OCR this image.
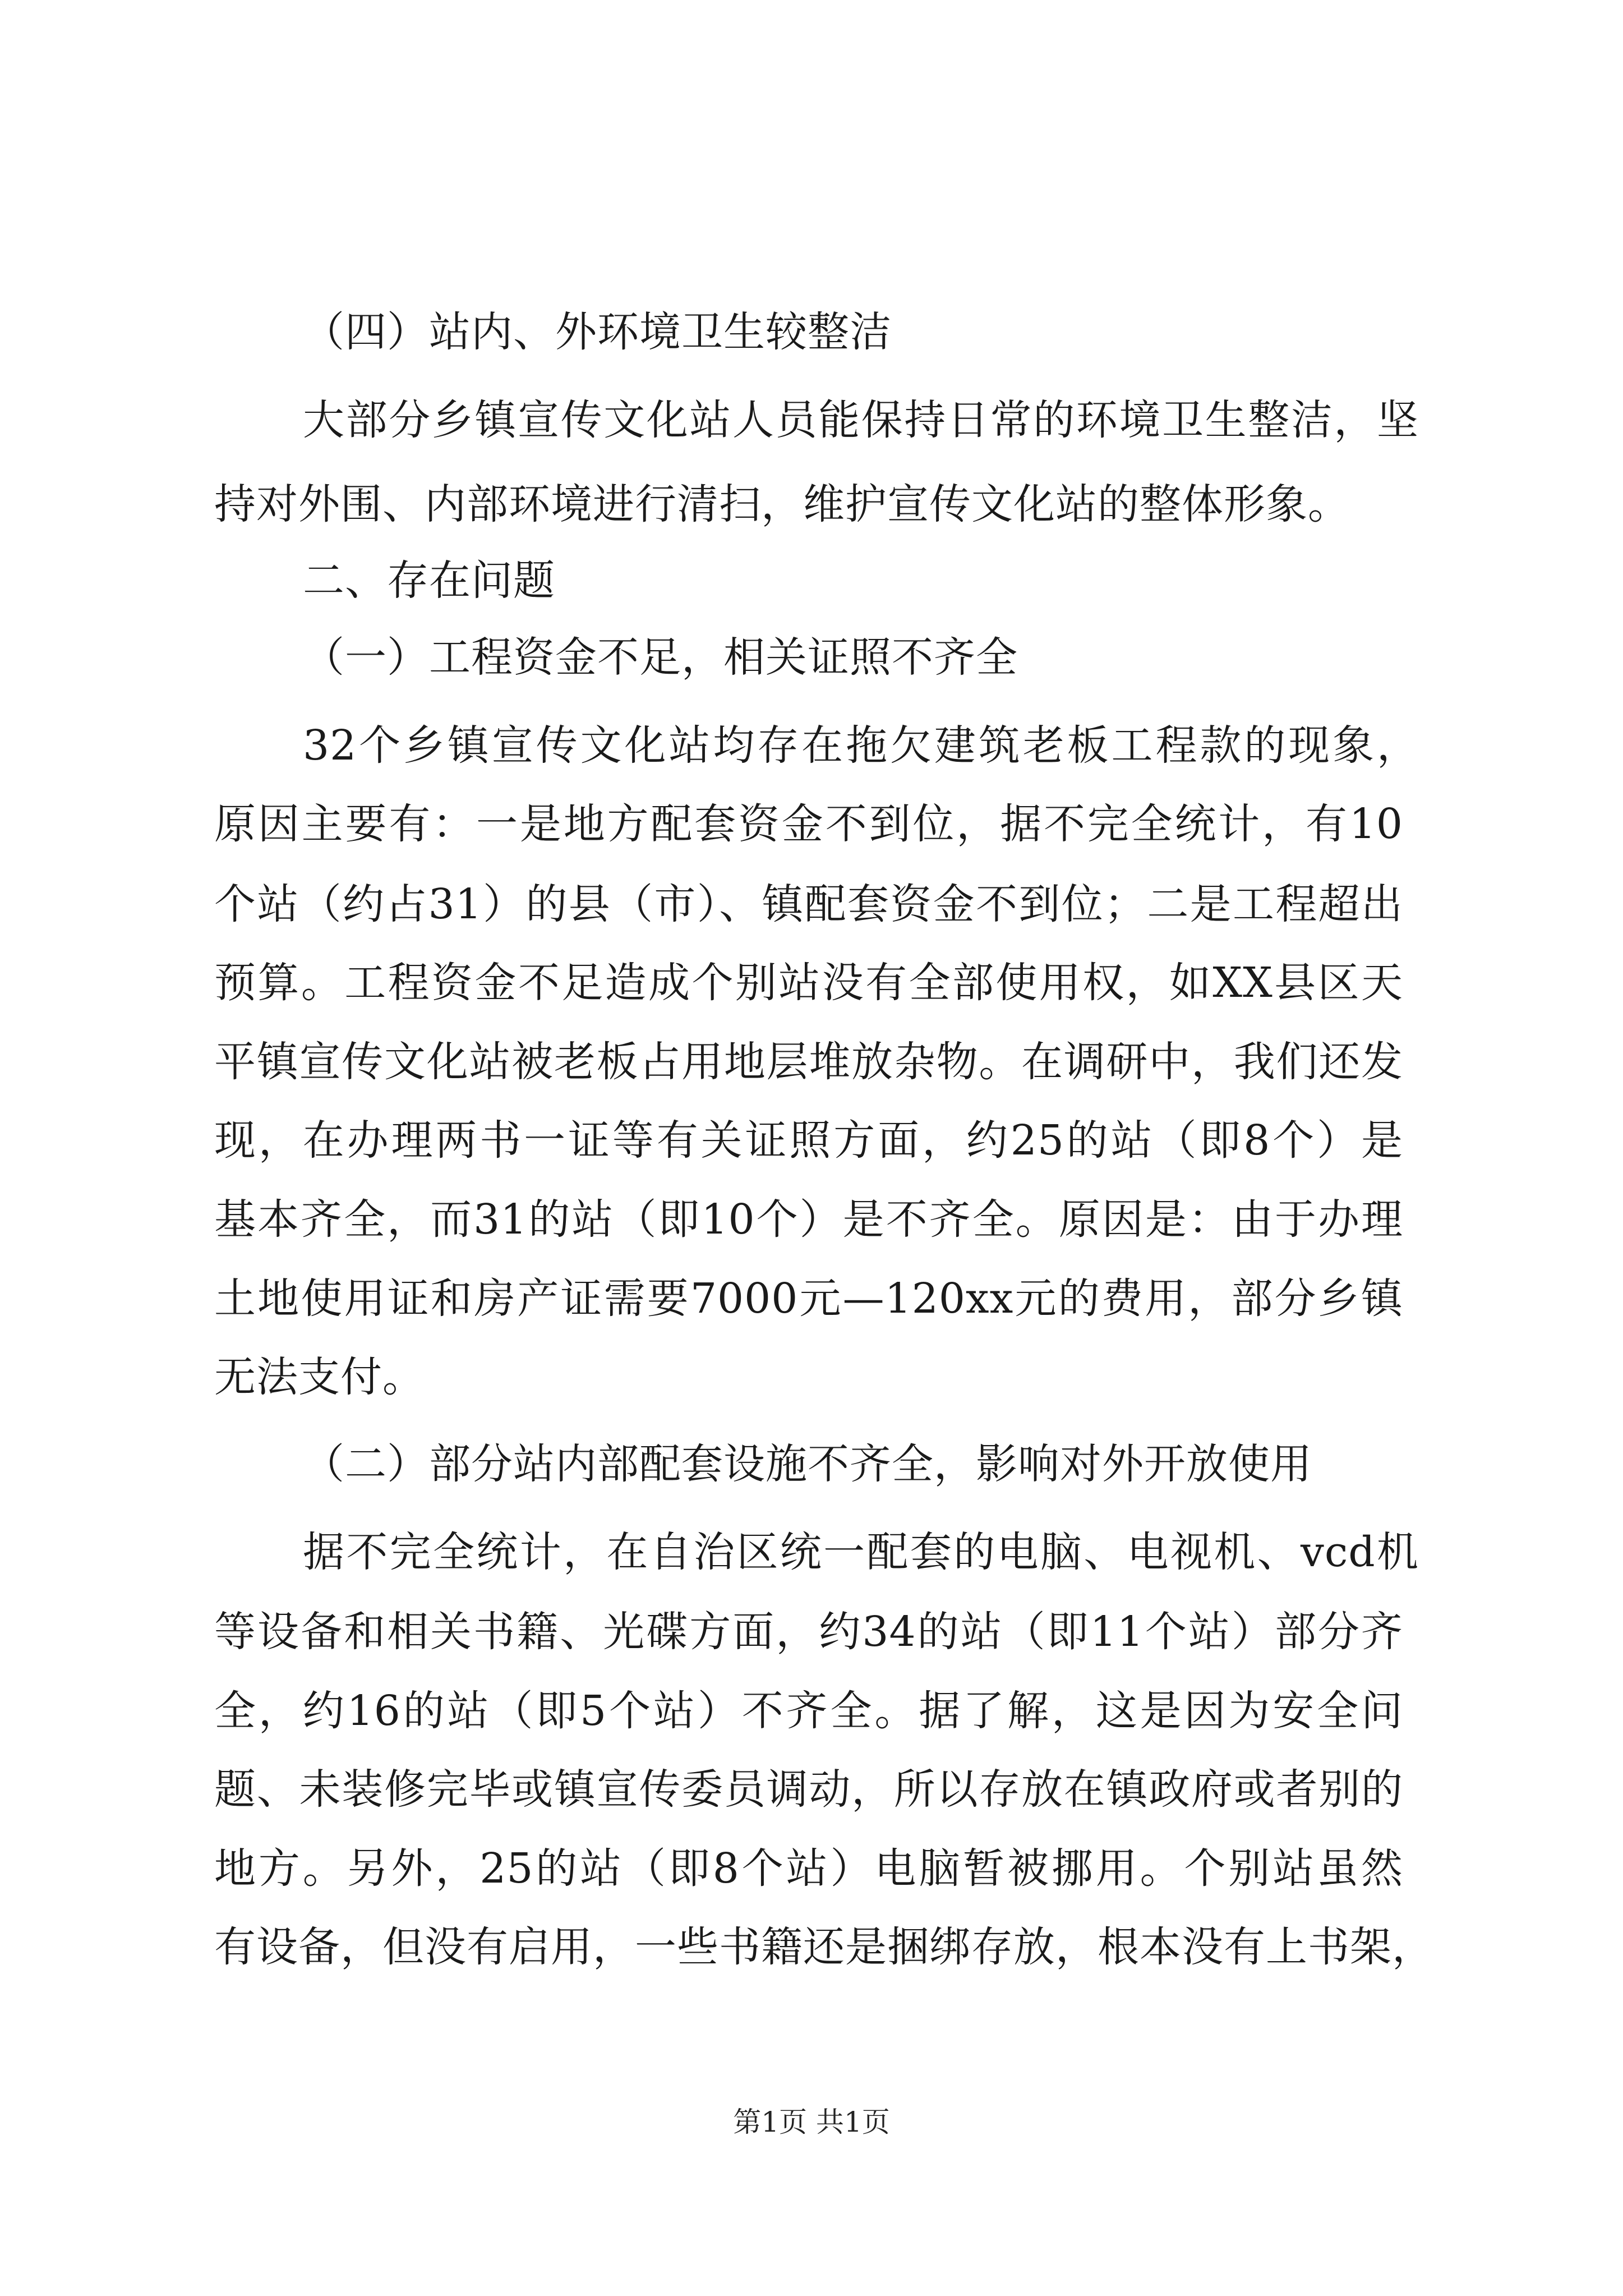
（四）站内、外环境卫生较整洁
大部分乡镇宣传文化站人员能保持日常的环境卫生整洁，坚
持对外围、内部环境进行清扫，维护宣传文化站的整体形象。
二、存在问题
（一）工程资金不足，相关证照不齐全
32个乡镇宣传文化站均存在拖欠建筑老板工程款的现象，
原因主要有：一是地方配套资金不到位，据不完全统计，有10
个站（约占31）的县（市）、镇配套资金不到位；二是工程超出
预算。工程资金不足造成个别站没有全部使用权，如XX县区天
平镇宣传文化站被老板占用地层堆放杂物。在调研中，我们还发
现，在办理两书一证等有关证照方面，约25的站（即8个）是
基本齐全，而31的站（即10个）是不齐全。原因是：由于办理
土地使用证和房产证需要7000元—120xx元的费用，部分乡镇
无法支付。
（二）部分站内部配套设施不齐全，影响对外开放使用
据不完全统计，在自治区统一配套的电脑、电视机、vcd机
等设备和相关书籍、光碟方面，约34的站（即11个站）部分齐
全，约16的站（即5个站）不齐全。据了解，这是因为安全问
题、未装修完毕或镇宣传委员调动，所以存放在镇政府或者别的
地方。另外，25的站（即8个站）电脑暂被挪用。个别站虽然
有设备，但没有启用，一些书籍还是捆绑存放，根本没有上书架，
第1页 共1页
